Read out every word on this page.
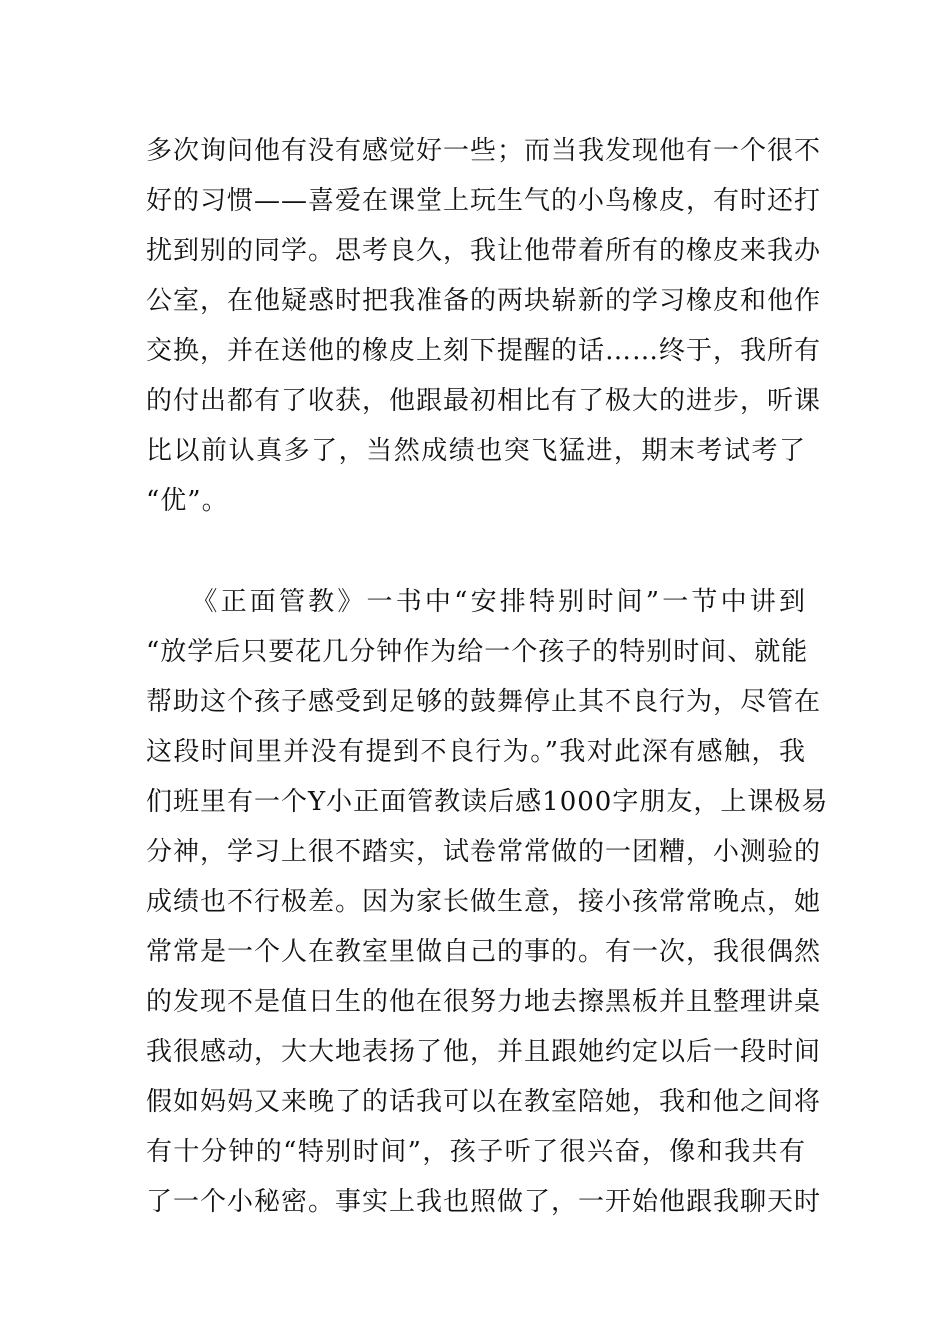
多次询问他有没有感觉好一些；而当我发现他有一个很不
好的习惯——喜爱在课堂上玩生气的小鸟橡皮，有时还打
扰到别的同学。思考良久，我让他带着所有的橡皮来我办
公室，在他疑惑时把我准备的两块崭新的学习橡皮和他作
交换，并在送他的橡皮上刻下提醒的话……终于，我所有
的付出都有了收获，他跟最初相比有了极大的进步，听课
比以前认真多了，当然成绩也突飞猛进，期末考试考了
“优”。
　　《正面管教》一书中“安排特别时间”一节中讲到
“放学后只要花几分钟作为给一个孩子的特别时间、就能
帮助这个孩子感受到足够的鼓舞停止其不良行为，尽管在
这段时间里并没有提到不良行为。”我对此深有感触，我
们班里有一个Y小正面管教读后感1000字朋友，上课极易
分神，学习上很不踏实，试卷常常做的一团糟，小测验的
成绩也不行极差。因为家长做生意，接小孩常常晚点，她
常常是一个人在教室里做自己的事的。有一次，我很偶然
的发现不是值日生的他在很努力地去擦黑板并且整理讲桌
我很感动，大大地表扬了他，并且跟她约定以后一段时间
假如妈妈又来晚了的话我可以在教室陪她，我和他之间将
有十分钟的“特别时间”，孩子听了很兴奋，像和我共有
了一个小秘密。事实上我也照做了，一开始他跟我聊天时
